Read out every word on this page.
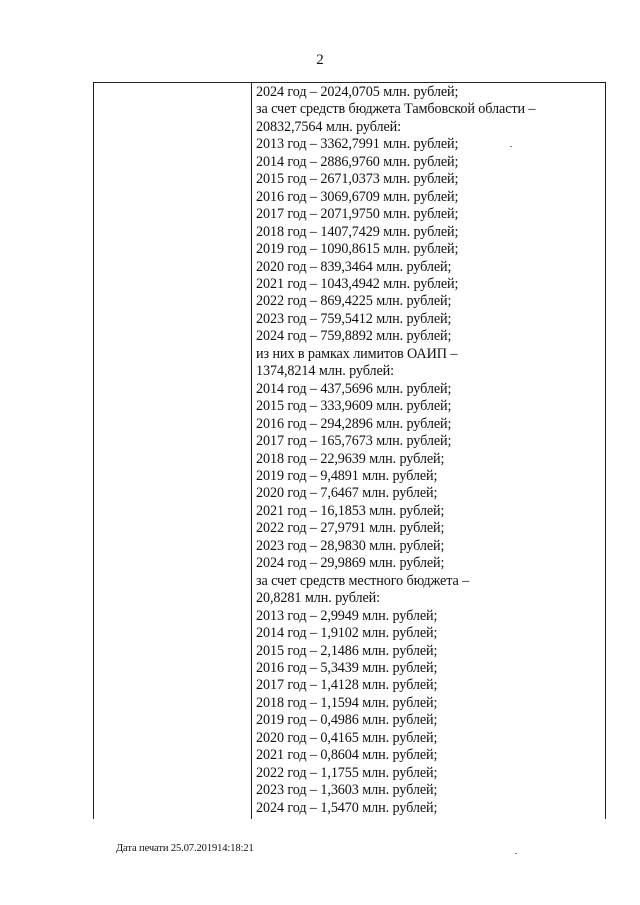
2
2024 год – 2024,0705 млн. рублей;
за счет средств бюджета Тамбовской области –
20832,7564 млн. рублей:
2013 год – 3362,7991 млн. рублей;
2014 год – 2886,9760 млн. рублей;
2015 год – 2671,0373 млн. рублей;
2016 год – 3069,6709 млн. рублей;
2017 год – 2071,9750 млн. рублей;
2018 год – 1407,7429 млн. рублей;
2019 год – 1090,8615 млн. рублей;
2020 год – 839,3464 млн. рублей;
2021 год – 1043,4942 млн. рублей;
2022 год – 869,4225 млн. рублей;
2023 год – 759,5412 млн. рублей;
2024 год – 759,8892 млн. рублей;
из них в рамках лимитов ОАИП –
1374,8214 млн. рублей:
2014 год – 437,5696 млн. рублей;
2015 год – 333,9609 млн. рублей;
2016 год – 294,2896 млн. рублей;
2017 год – 165,7673 млн. рублей;
2018 год – 22,9639 млн. рублей;
2019 год – 9,4891 млн. рублей;
2020 год – 7,6467 млн. рублей;
2021 год – 16,1853 млн. рублей;
2022 год – 27,9791 млн. рублей;
2023 год – 28,9830 млн. рублей;
2024 год – 29,9869 млн. рублей;
за счет средств местного бюджета –
20,8281 млн. рублей:
2013 год – 2,9949 млн. рублей;
2014 год – 1,9102 млн. рублей;
2015 год – 2,1486 млн. рублей;
2016 год – 5,3439 млн. рублей;
2017 год – 1,4128 млн. рублей;
2018 год – 1,1594 млн. рублей;
2019 год – 0,4986 млн. рублей;
2020 год – 0,4165 млн. рублей;
2021 год – 0,8604 млн. рублей;
2022 год – 1,1755 млн. рублей;
2023 год – 1,3603 млн. рублей;
2024 год – 1,5470 млн. рублей;
Дата печати 25.07.201914:18:21
